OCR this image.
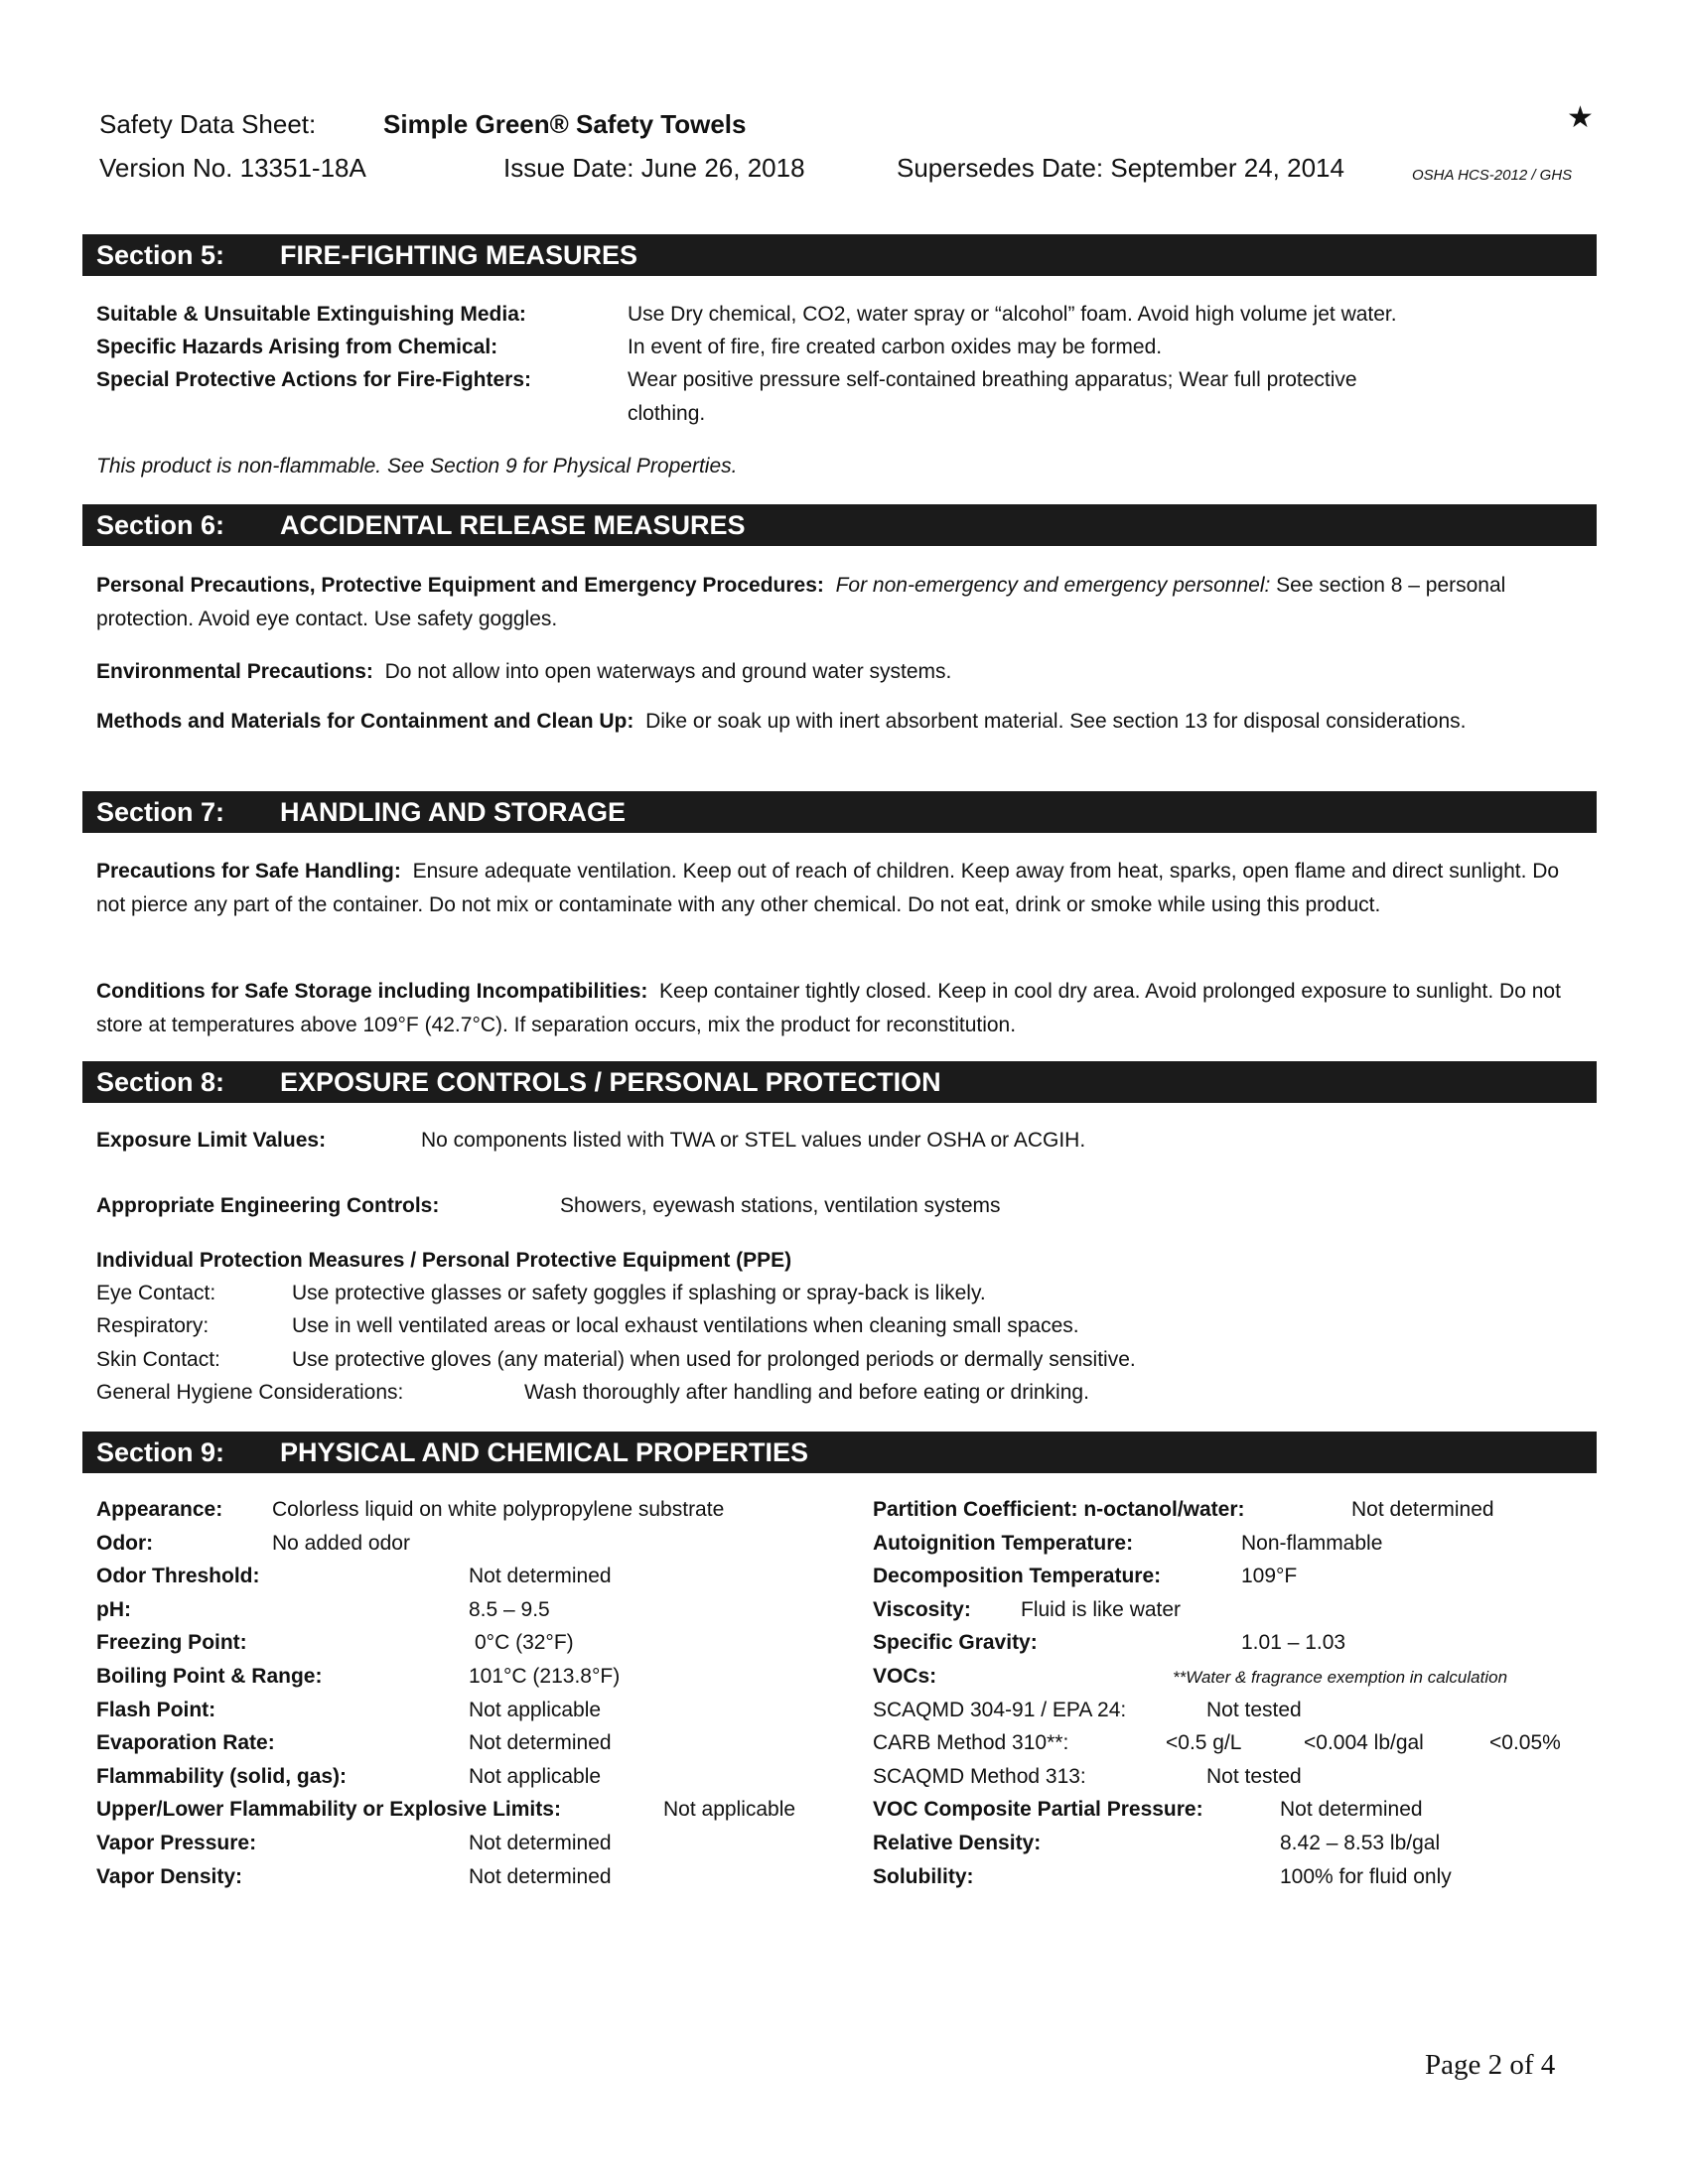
Safety Data Sheet:	Simple Green® Safety Towels	★
Version No. 13351-18A	Issue Date: June 26, 2018	Supersedes Date: September 24, 2014	OSHA HCS-2012 / GHS
Section 5: FIRE-FIGHTING MEASURES
Suitable & Unsuitable Extinguishing Media:	Use Dry chemical, CO2, water spray or “alcohol” foam. Avoid high volume jet water.
Specific Hazards Arising from Chemical:	In event of fire, fire created carbon oxides may be formed.
Special Protective Actions for Fire-Fighters:	Wear positive pressure self-contained breathing apparatus; Wear full protective
clothing.
This product is non-flammable. See Section 9 for Physical Properties.
Section 6: ACCIDENTAL RELEASE MEASURES
Personal Precautions, Protective Equipment and Emergency Procedures: For non-emergency and emergency personnel: See section 8 – personal protection. Avoid eye contact. Use safety goggles.
Environmental Precautions: Do not allow into open waterways and ground water systems.
Methods and Materials for Containment and Clean Up: Dike or soak up with inert absorbent material. See section 13 for disposal considerations.
Section 7: HANDLING AND STORAGE
Precautions for Safe Handling: Ensure adequate ventilation. Keep out of reach of children. Keep away from heat, sparks, open flame and direct sunlight. Do not pierce any part of the container. Do not mix or contaminate with any other chemical. Do not eat, drink or smoke while using this product.
Conditions for Safe Storage including Incompatibilities: Keep container tightly closed. Keep in cool dry area. Avoid prolonged exposure to sunlight. Do not store at temperatures above 109°F (42.7°C). If separation occurs, mix the product for reconstitution.
Section 8: EXPOSURE CONTROLS / PERSONAL PROTECTION
Exposure Limit Values:	No components listed with TWA or STEL values under OSHA or ACGIH.
Appropriate Engineering Controls:	Showers, eyewash stations, ventilation systems
Individual Protection Measures / Personal Protective Equipment (PPE)
Eye Contact:	Use protective glasses or safety goggles if splashing or spray-back is likely.
Respiratory:	Use in well ventilated areas or local exhaust ventilations when cleaning small spaces.
Skin Contact:	Use protective gloves (any material) when used for prolonged periods or dermally sensitive.
General Hygiene Considerations:	Wash thoroughly after handling and before eating or drinking.
Section 9: PHYSICAL AND CHEMICAL PROPERTIES
Appearance: Colorless liquid on white polypropylene substrate
Odor:	No added odor
Odor Threshold:	Not determined
pH:	8.5 – 9.5
Freezing Point:	0°C (32°F)
Boiling Point & Range:	101°C (213.8°F)
Flash Point:	Not applicable
Evaporation Rate:	Not determined
Flammability (solid, gas):	Not applicable
Upper/Lower Flammability or Explosive Limits:	Not applicable
Vapor Pressure:	Not determined
Vapor Density:	Not determined
Partition Coefficient: n-octanol/water:	Not determined
Autoignition Temperature:	Non-flammable
Decomposition Temperature:	109°F
Viscosity: Fluid is like water
Specific Gravity:	1.01 – 1.03
VOCs:	**Water & fragrance exemption in calculation
SCAQMD 304-91 / EPA 24:	Not tested
CARB Method 310**:	<0.5 g/L	<0.004 lb/gal	<0.05%
SCAQMD Method 313:	Not tested
VOC Composite Partial Pressure:	Not determined
Relative Density:	8.42 – 8.53 lb/gal
Solubility:	100% for fluid only
Page 2 of 4
